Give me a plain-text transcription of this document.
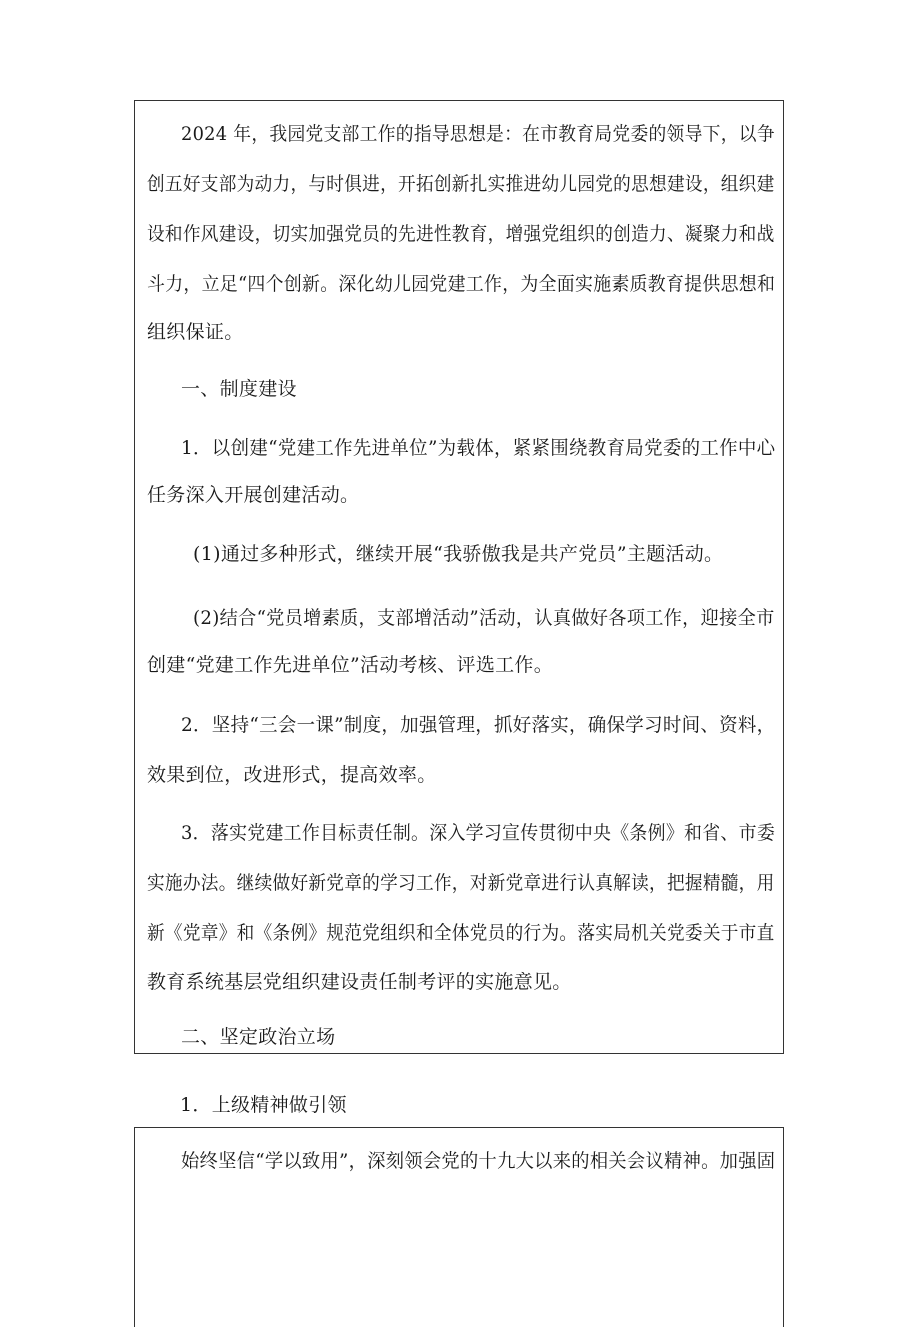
2024 年，我园党支部工作的指导思想是：在市教育局党委的领导下，以争
创五好支部为动力，与时俱进，开拓创新扎实推进幼儿园党的思想建设，组织建
设和作风建设，切实加强党员的先进性教育，增强党组织的创造力、凝聚力和战
斗力，立足“四个创新。深化幼儿园党建工作，为全面实施素质教育提供思想和
组织保证。
一、制度建设
1．以创建“党建工作先进单位”为载体，紧紧围绕教育局党委的工作中心
任务深入开展创建活动。
(1)通过多种形式，继续开展“我骄傲我是共产党员”主题活动。
(2)结合“党员增素质，支部增活动”活动，认真做好各项工作，迎接全市
创建“党建工作先进单位”活动考核、评选工作。
2．坚持“三会一课”制度，加强管理，抓好落实，确保学习时间、资料，
效果到位，改进形式，提高效率。
3．落实党建工作目标责任制。深入学习宣传贯彻中央《条例》和省、市委
实施办法。继续做好新党章的学习工作，对新党章进行认真解读，把握精髓，用
新《党章》和《条例》规范党组织和全体党员的行为。落实局机关党委关于市直
教育系统基层党组织建设责任制考评的实施意见。
二、坚定政治立场
1．上级精神做引领
始终坚信“学以致用”，深刻领会党的十九大以来的相关会议精神。加强固
